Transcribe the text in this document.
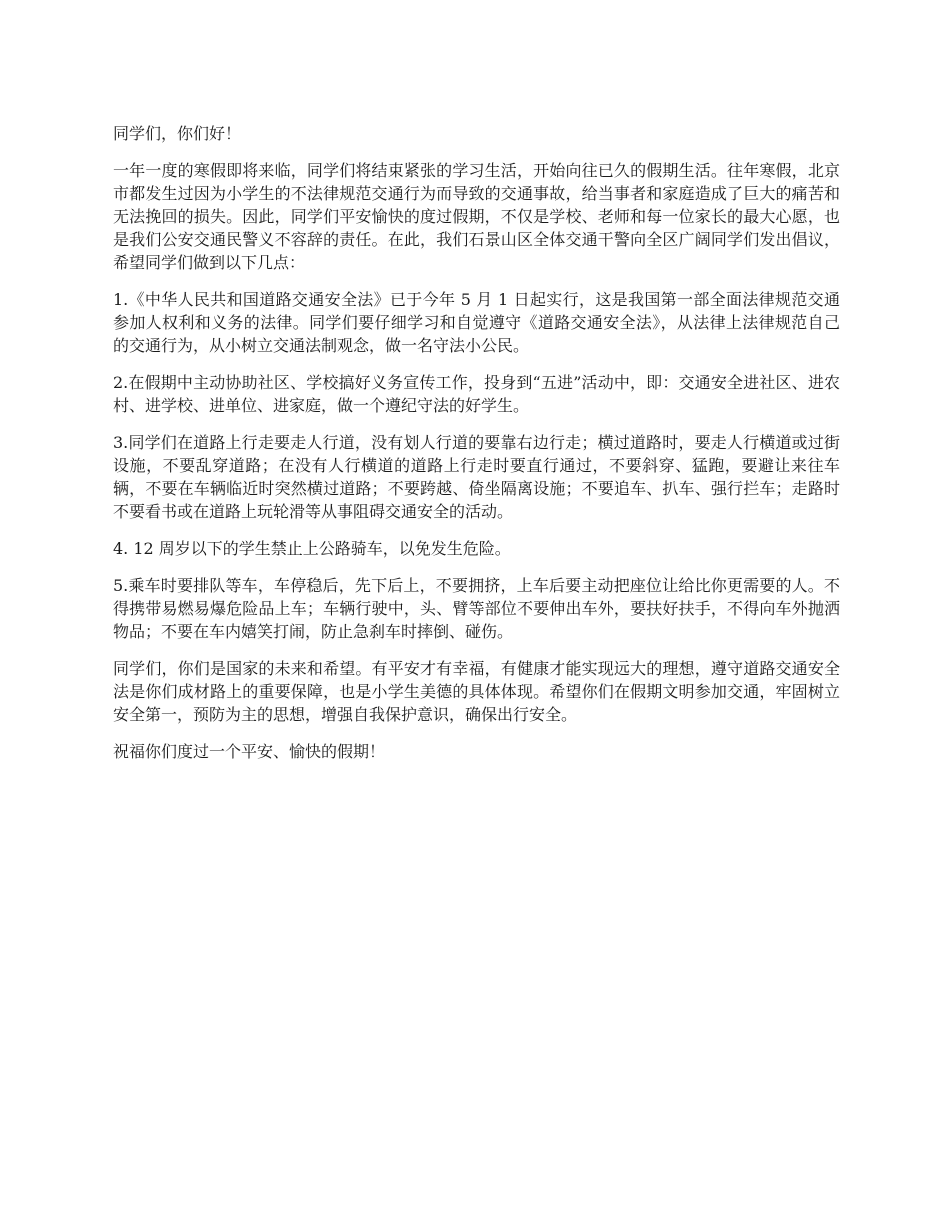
同学们，你们好！

一年一度的寒假即将来临，同学们将结束紧张的学习生活，开始向往已久的假期生活。往年寒假，北京市都发生过因为小学生的不法律规范交通行为而导致的交通事故，给当事者和家庭造成了巨大的痛苦和无法挽回的损失。因此，同学们平安愉快的度过假期，不仅是学校、老师和每一位家长的最大心愿，也是我们公安交通民警义不容辞的责任。在此，我们石景山区全体交通干警向全区广阔同学们发出倡议，希望同学们做到以下几点：

1.《中华人民共和国道路交通安全法》已于今年 5 月 1 日起实行，这是我国第一部全面法律规范交通参加人权利和义务的法律。同学们要仔细学习和自觉遵守《道路交通安全法》，从法律上法律规范自己的交通行为，从小树立交通法制观念，做一名守法小公民。

2.在假期中主动协助社区、学校搞好义务宣传工作，投身到“五进”活动中，即：交通安全进社区、进农村、进学校、进单位、进家庭，做一个遵纪守法的好学生。

3.同学们在道路上行走要走人行道，没有划人行道的要靠右边行走；横过道路时，要走人行横道或过街设施，不要乱穿道路；在没有人行横道的道路上行走时要直行通过，不要斜穿、猛跑，要避让来往车辆，不要在车辆临近时突然横过道路；不要跨越、倚坐隔离设施；不要追车、扒车、强行拦车；走路时不要看书或在道路上玩轮滑等从事阻碍交通安全的活动。

4. 12 周岁以下的学生禁止上公路骑车，以免发生危险。

5.乘车时要排队等车，车停稳后，先下后上，不要拥挤，上车后要主动把座位让给比你更需要的人。不得携带易燃易爆危险品上车；车辆行驶中，头、臂等部位不要伸出车外，要扶好扶手，不得向车外抛洒物品；不要在车内嬉笑打闹，防止急刹车时摔倒、碰伤。

同学们，你们是国家的未来和希望。有平安才有幸福，有健康才能实现远大的理想，遵守道路交通安全法是你们成材路上的重要保障，也是小学生美德的具体体现。希望你们在假期文明参加交通，牢固树立安全第一，预防为主的思想，增强自我保护意识，确保出行安全。

祝福你们度过一个平安、愉快的假期！
